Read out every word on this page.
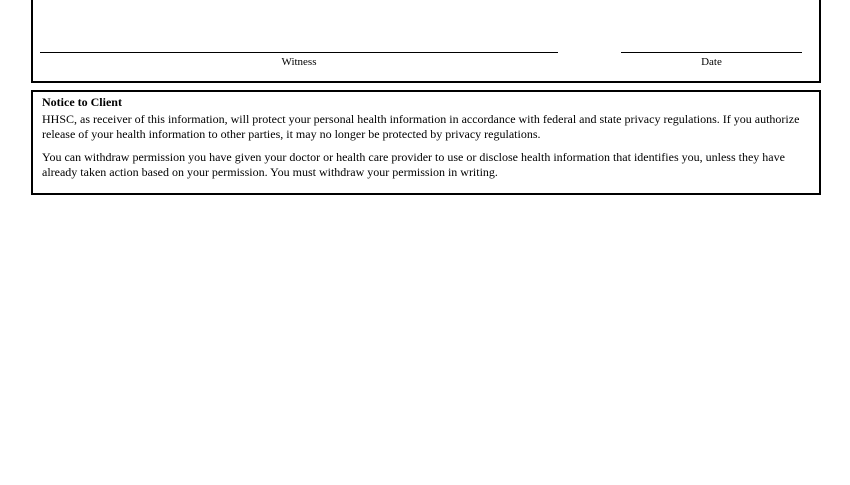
Witness	Date

Notice to Client

HHSC, as receiver of this information, will protect your personal health information in accordance with federal and state privacy regulations. If you authorize release of your health information to other parties, it may no longer be protected by privacy regulations.

You can withdraw permission you have given your doctor or health care provider to use or disclose health information that identifies you, unless they have already taken action based on your permission. You must withdraw your permission in writing.
